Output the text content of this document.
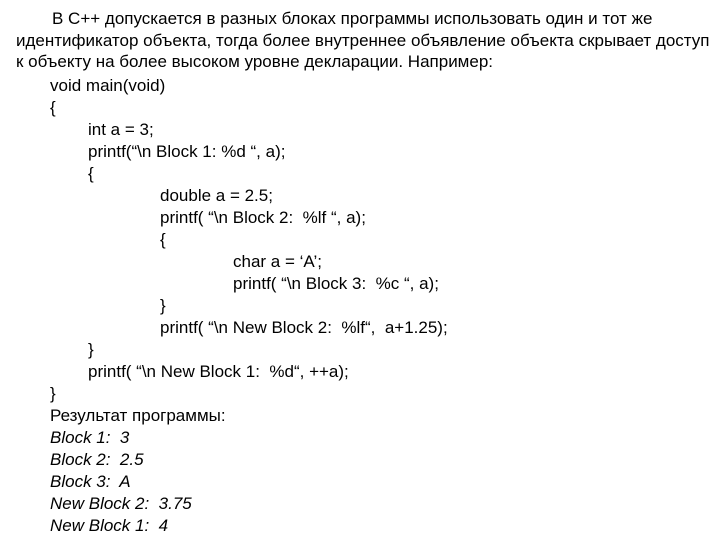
В С++ допускается в разных блоках программы использовать один и тот же идентификатор объекта, тогда более внутреннее объявление объекта скрывает доступ к объекту на более высоком уровне декларации. Например:

void main(void)
{
int a = 3;
printf(“\n Block 1: %d “, a);
{
double a = 2.5;
printf( “\n Block 2:  %lf “, a);
{
char a = ‘A’;
printf( “\n Block 3:  %c “, a);
}
printf( “\n New Block 2:  %lf“,  a+1.25);
}
printf( “\n New Block 1:  %d“, ++a);
}
Результат программы:
Block 1:  3
Block 2:  2.5
Block 3:  A
New Block 2:  3.75
New Block 1:  4
